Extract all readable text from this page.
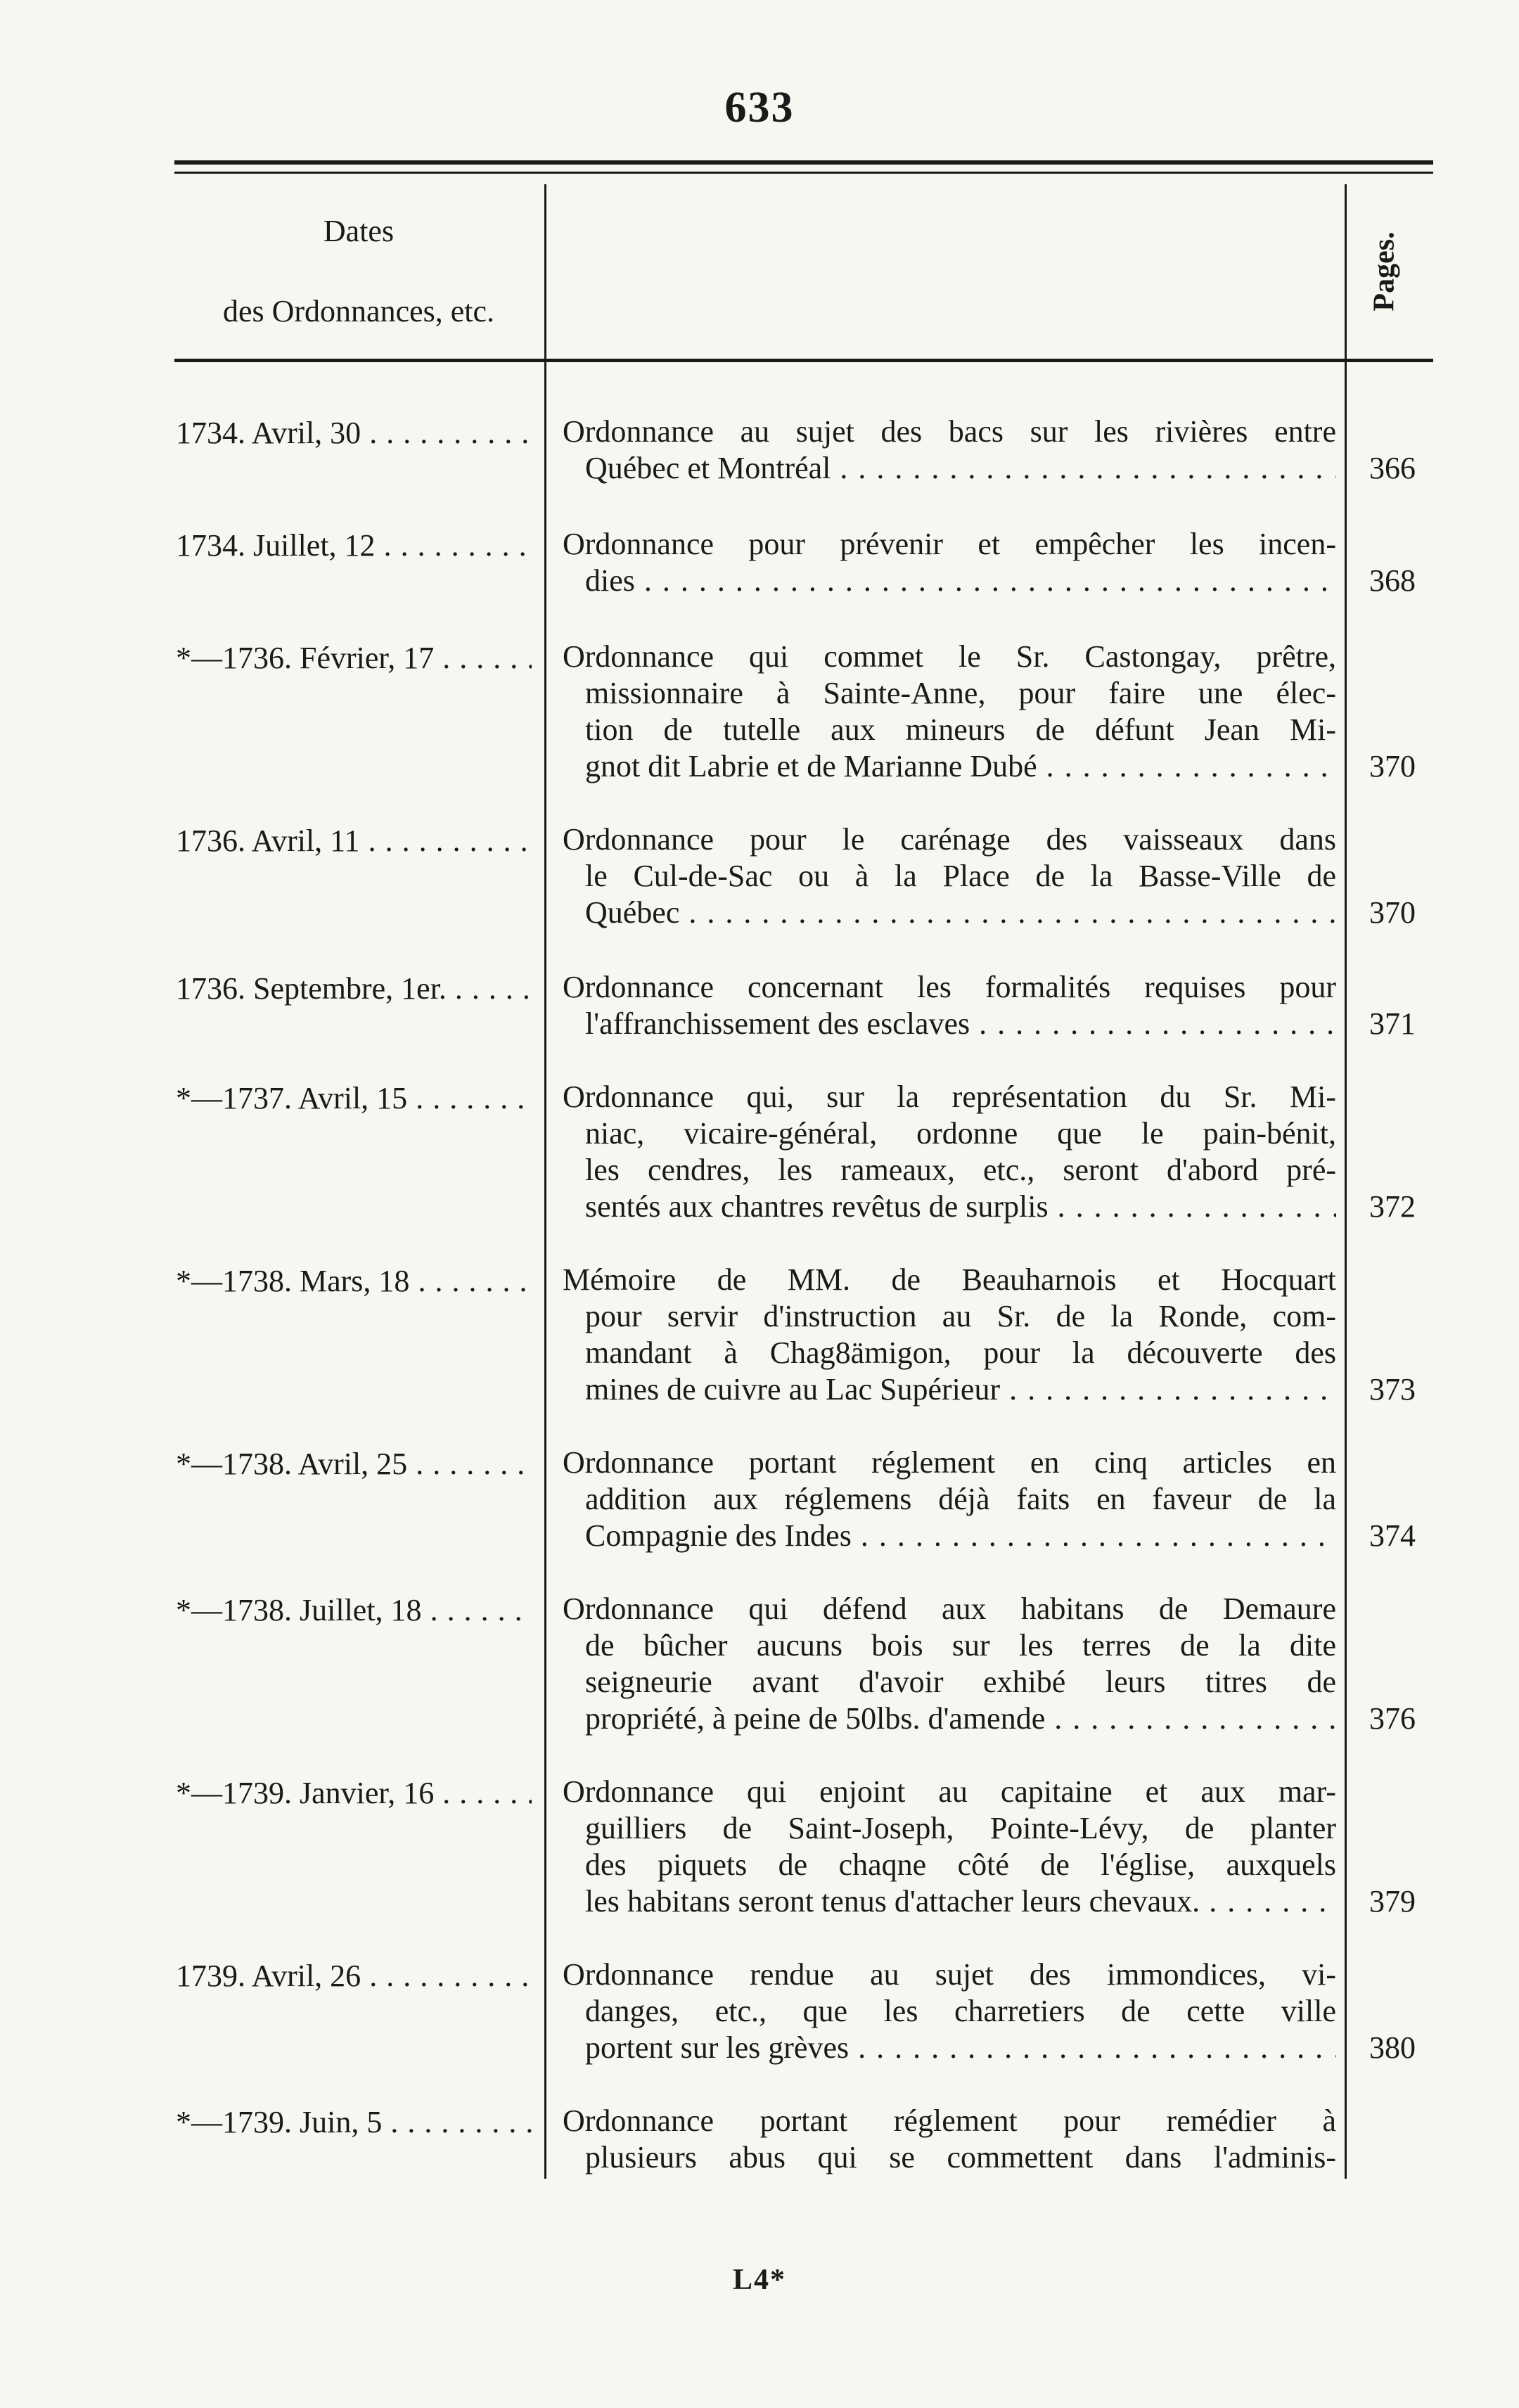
633
Dates
des Ordonnances, etc.	Pages.
1734. Avril, 30 . . .	Ordonnance au sujet des bacs sur les rivières entre
Québec et Montréal . . .	366
1734. Juillet, 12 . . .	Ordonnance pour prévenir et empêcher les incen-
dies . . .	368
*—1736. Février, 17 . . .	Ordonnance qui commet le Sr. Castongay, prêtre,
missionnaire à Sainte-Anne, pour faire une élec-
tion de tutelle aux mineurs de défunt Jean Mi-
gnot dit Labrie et de Marianne Dubé . . .	370
1736. Avril, 11 . . .	Ordonnance pour le carénage des vaisseaux dans
le Cul-de-Sac ou à la Place de la Basse-Ville de
Québec . . .	370
1736. Septembre, 1er. . . .	Ordonnance concernant les formalités requises pour
l'affranchissement des esclaves . . .	371
*—1737. Avril, 15 . . .	Ordonnance qui, sur la représentation du Sr. Mi-
niac, vicaire-général, ordonne que le pain-bénit,
les cendres, les rameaux, etc., seront d'abord pré-
sentés aux chantres revêtus de surplis . . .	372
*—1738. Mars, 18 . . .	Mémoire de MM. de Beauharnois et Hocquart
pour servir d'instruction au Sr. de la Ronde, com-
mandant à Chag8ämigon, pour la découverte des
mines de cuivre au Lac Supérieur . . .	373
*—1738. Avril, 25 . . .	Ordonnance portant réglement en cinq articles en
addition aux réglemens déjà faits en faveur de la
Compagnie des Indes . . .	374
*—1738. Juillet, 18 . . .	Ordonnance qui défend aux habitans de Demaure
de bûcher aucuns bois sur les terres de la dite
seigneurie avant d'avoir exhibé leurs titres de
propriété, à peine de 50lbs. d'amende . . .	376
*—1739. Janvier, 16 . . .	Ordonnance qui enjoint au capitaine et aux mar-
guilliers de Saint-Joseph, Pointe-Lévy, de planter
des piquets de chaqne côté de l'église, auxquels
les habitans seront tenus d'attacher leurs chevaux. . . .	379
1739. Avril, 26 . . .	Ordonnance rendue au sujet des immondices, vi-
danges, etc., que les charretiers de cette ville
portent sur les grèves . . .	380
*—1739. Juin, 5 . . .	Ordonnance portant réglement pour remédier à
plusieurs abus qui se commettent dans l'adminis-
L4*
